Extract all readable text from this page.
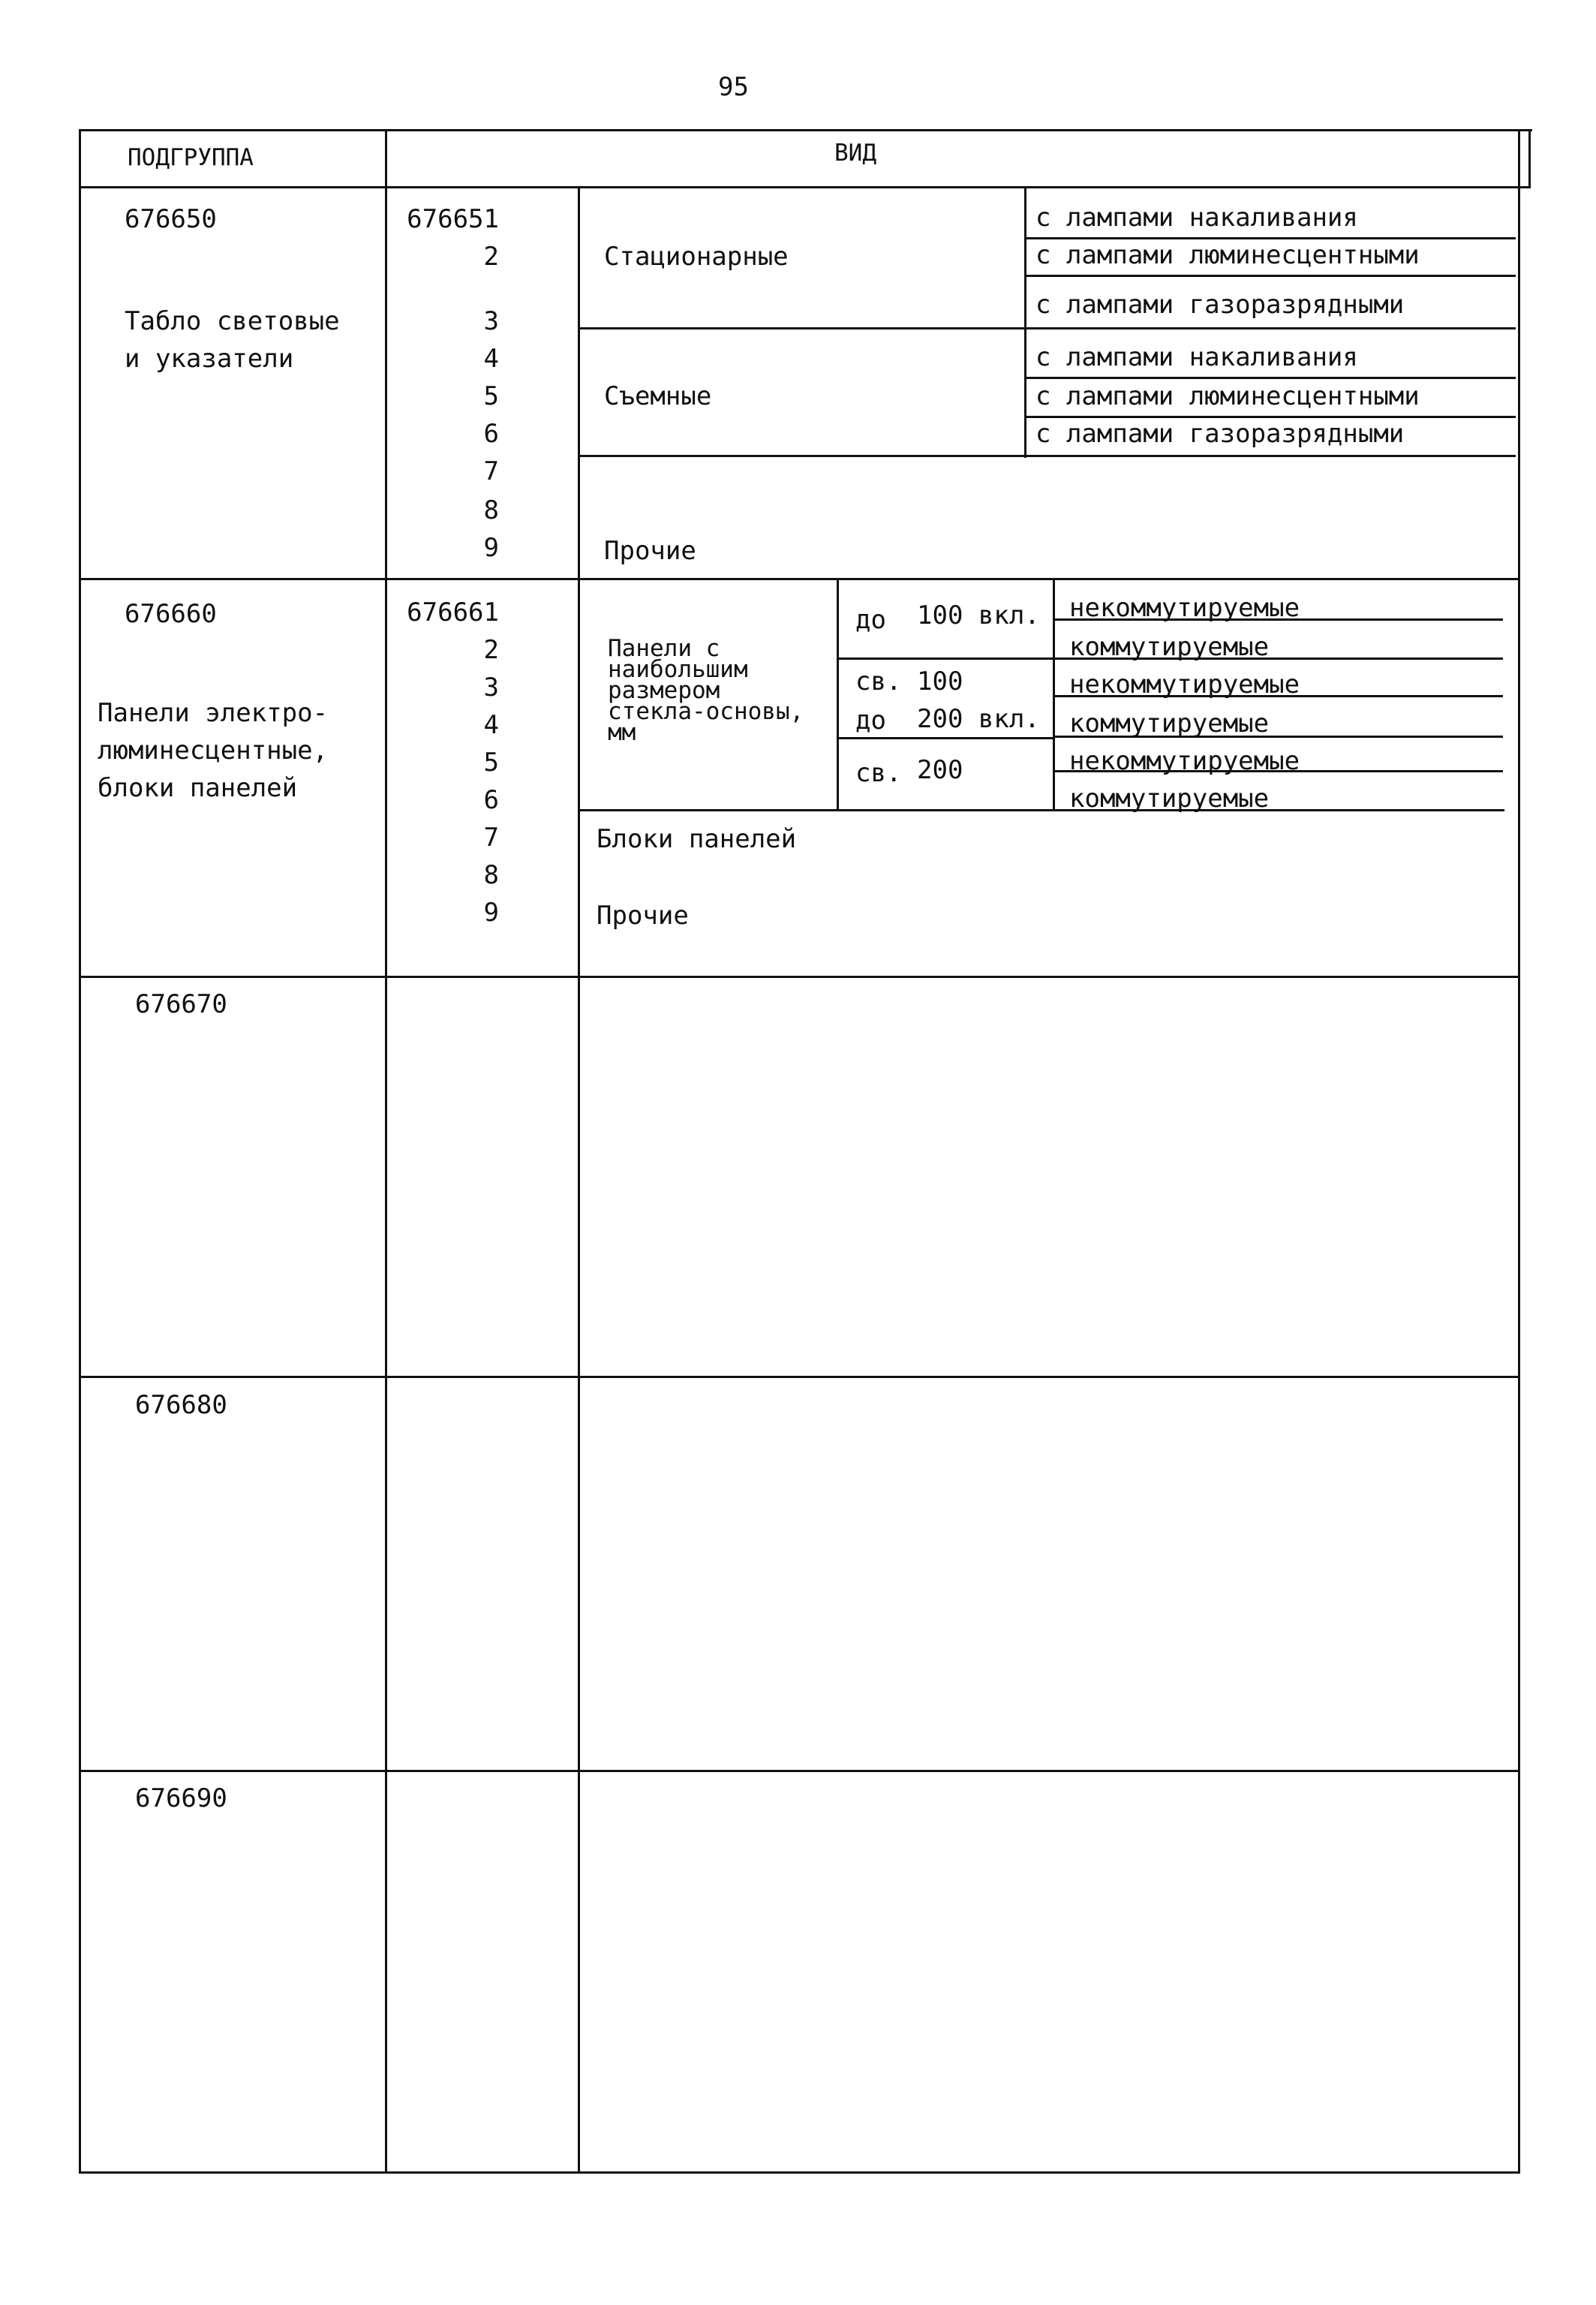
95
ПОДГРУППА	ВИД
676650
Табло световые
и указатели
676651
2
3
4
5
6
7
8
9
Стационарные
Съемные
Прочие
с лампами накаливания
с лампами люминесцентными
с лампами газоразрядными
с лампами накаливания
с лампами люминесцентными
с лампами газоразрядными
676660
Панели электро-
люминесцентные,
блоки панелей
676661
2
3
4
5
6
7
8
9
Панели с
наибольшим
размером
стекла-основы,
мм
до 100 вкл.
св. 100
до 200 вкл.
св. 200
некоммутируемые
коммутируемые
некоммутируемые
коммутируемые
некоммутируемые
коммутируемые
Блоки панелей
Прочие
676670
676680
676690
